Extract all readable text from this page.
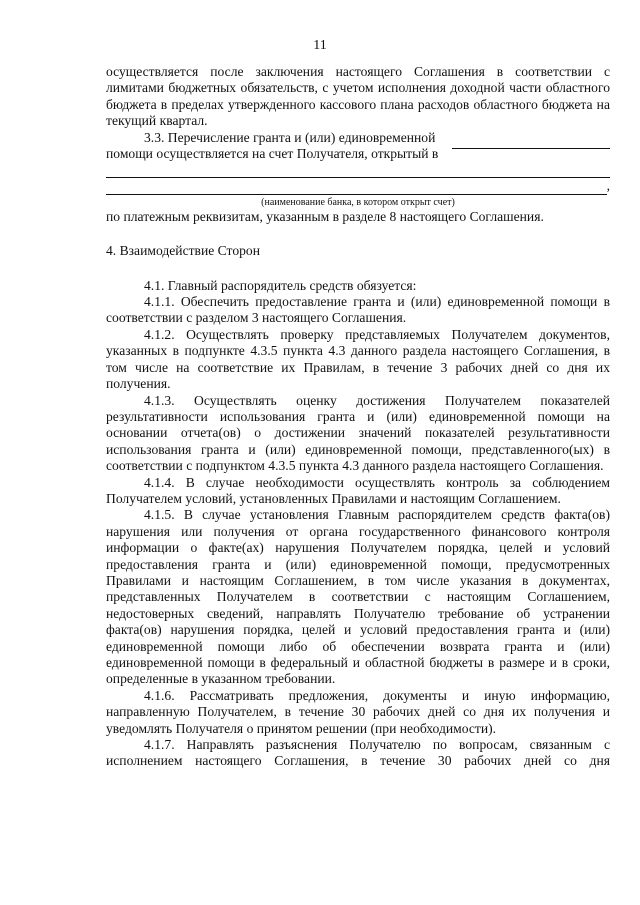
11

осуществляется после заключения настоящего Соглашения в соответствии с лимитами бюджетных обязательств, с учетом исполнения доходной части областного бюджета в пределах утвержденного кассового плана расходов областного бюджета на текущий квартал.

3.3. Перечисление гранта и (или) единовременной помощи осуществляется на счет Получателя, открытый в

,
(наименование банка, в котором открыт счет)

по платежным реквизитам, указанным в разделе 8 настоящего Соглашения.

4. Взаимодействие Сторон

4.1. Главный распорядитель средств обязуется:

4.1.1. Обеспечить предоставление гранта и (или) единовременной помощи в соответствии с разделом 3 настоящего Соглашения.

4.1.2. Осуществлять проверку представляемых Получателем документов, указанных в подпункте 4.3.5 пункта 4.3 данного раздела настоящего Соглашения, в том числе на соответствие их Правилам, в течение 3 рабочих дней со дня их получения.

4.1.3. Осуществлять оценку достижения Получателем показателей результативности использования гранта и (или) единовременной помощи на основании отчета(ов) о достижении значений показателей результативности использования гранта и (или) единовременной помощи, представленного(ых) в соответствии с подпунктом 4.3.5 пункта 4.3 данного раздела настоящего Соглашения.

4.1.4. В случае необходимости осуществлять контроль за соблюдением Получателем условий, установленных Правилами и настоящим Соглашением.

4.1.5. В случае установления Главным распорядителем средств факта(ов) нарушения или получения от органа государственного финансового контроля информации о факте(ах) нарушения Получателем порядка, целей и условий предоставления гранта и (или) единовременной помощи, предусмотренных Правилами и настоящим Соглашением, в том числе указания в документах, представленных Получателем в соответствии с настоящим Соглашением, недостоверных сведений, направлять Получателю требование об устранении факта(ов) нарушения порядка, целей и условий предоставления гранта и (или) единовременной помощи либо об обеспечении возврата гранта и (или) единовременной помощи в федеральный и областной бюджеты в размере и в сроки, определенные в указанном требовании.

4.1.6. Рассматривать предложения, документы и иную информацию, направленную Получателем, в течение 30 рабочих дней со дня их получения и уведомлять Получателя о принятом решении (при необходимости).

4.1.7. Направлять разъяснения Получателю по вопросам, связанным с исполнением настоящего Соглашения, в течение 30 рабочих дней со дня
